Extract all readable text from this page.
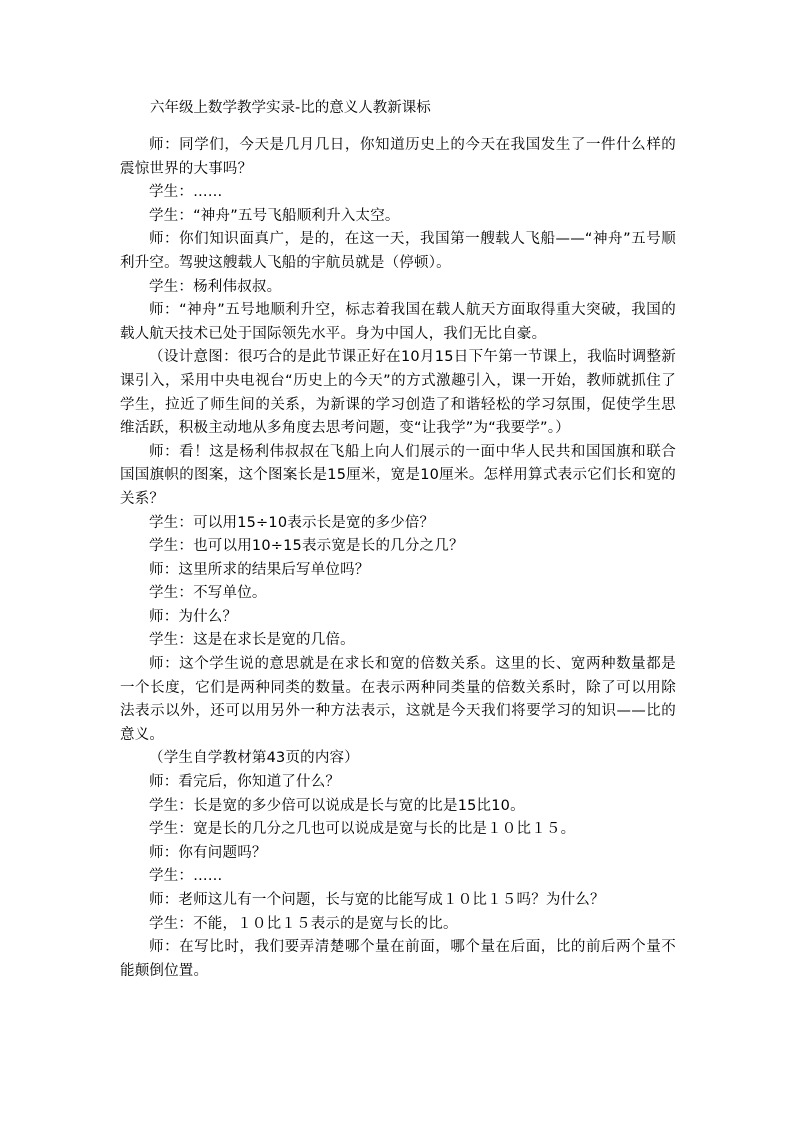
六年级上数学教学实录-比的意义人教新课标

师：同学们，今天是几月几日，你知道历史上的今天在我国发生了一件什么样的震惊世界的大事吗？

学生：……

学生：“神舟”五号飞船顺利升入太空。

师：你们知识面真广，是的，在这一天，我国第一艘载人飞船——“神舟”五号顺利升空。驾驶这艘载人飞船的宇航员就是（停顿）。

学生：杨利伟叔叔。

师：“神舟”五号地顺利升空，标志着我国在载人航天方面取得重大突破，我国的载人航天技术已处于国际领先水平。身为中国人，我们无比自豪。

（设计意图：很巧合的是此节课正好在10月15日下午第一节课上，我临时调整新课引入，采用中央电视台“历史上的今天”的方式激趣引入，课一开始，教师就抓住了学生，拉近了师生间的关系，为新课的学习创造了和谐轻松的学习氛围，促使学生思维活跃，积极主动地从多角度去思考问题，变“让我学”为“我要学”。）

师：看！这是杨利伟叔叔在飞船上向人们展示的一面中华人民共和国国旗和联合国国旗帜的图案，这个图案长是15厘米，宽是10厘米。怎样用算式表示它们长和宽的关系？

学生：可以用15÷10表示长是宽的多少倍？

学生：也可以用10÷15表示宽是长的几分之几？

师：这里所求的结果后写单位吗？

学生：不写单位。

师：为什么？

学生：这是在求长是宽的几倍。

师：这个学生说的意思就是在求长和宽的倍数关系。这里的长、宽两种数量都是一个长度，它们是两种同类的数量。在表示两种同类量的倍数关系时，除了可以用除法表示以外，还可以用另外一种方法表示，这就是今天我们将要学习的知识——比的意义。

（学生自学教材第43页的内容）

师：看完后，你知道了什么？

学生：长是宽的多少倍可以说成是长与宽的比是15比10。

学生：宽是长的几分之几也可以说成是宽与长的比是１０比１５。

师：你有问题吗？

学生：……

师：老师这儿有一个问题，长与宽的比能写成１０比１５吗？为什么？

学生：不能，１０比１５表示的是宽与长的比。

师：在写比时，我们要弄清楚哪个量在前面，哪个量在后面，比的前后两个量不能颠倒位置。
